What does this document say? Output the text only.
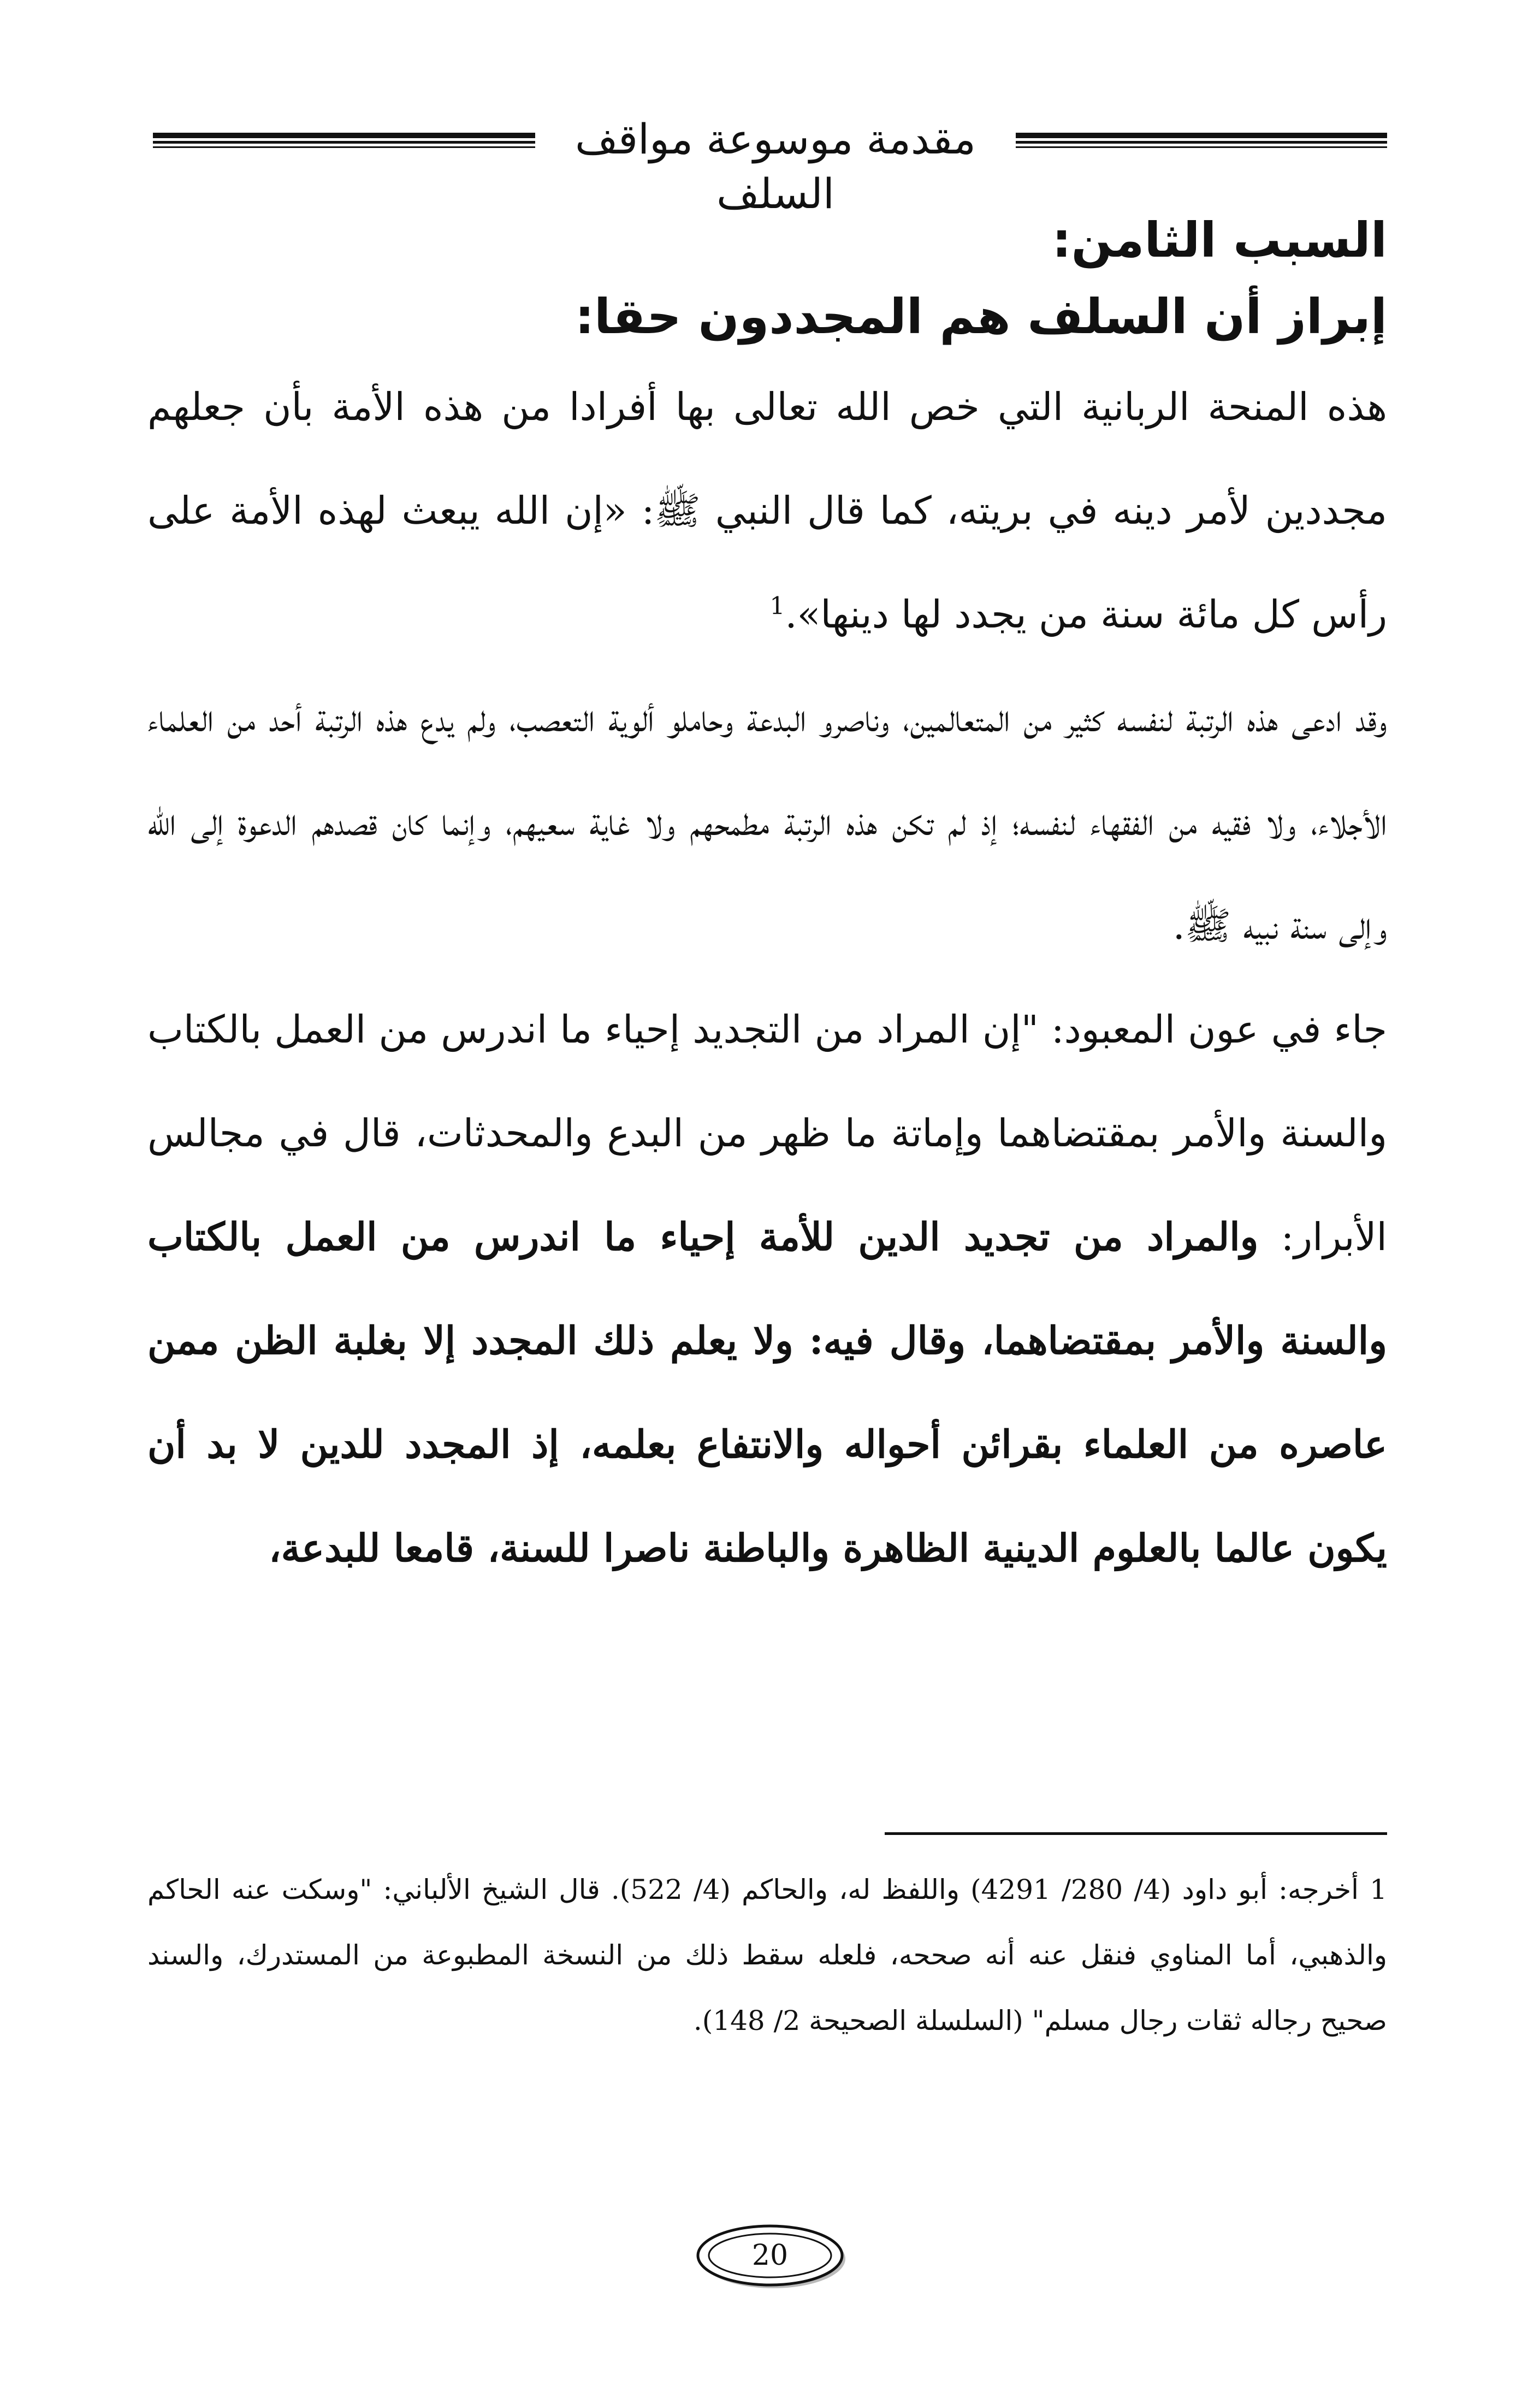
مقدمة موسوعة مواقف السلف
السبب الثامن:
إبراز أن السلف هم المجددون حقا:

هذه المنحة الربانية التي خص الله تعالى بها أفرادا من هذه الأمة بأن جعلهم مجددين لأمر دينه في بريته، كما قال النبي ﷺ: «إن الله يبعث لهذه الأمة على رأس كل مائة سنة من يجدد لها دينها».$^1$

وقد ادعى هذه الرتبة لنفسه كثير من المتعالمين، وناصرو البدعة وحاملو ألوية التعصب، ولم يدع هذه الرتبة أحد من العلماء الأجلاء، ولا فقيه من الفقهاء لنفسه؛ إذ لم تكن هذه الرتبة مطمحهم ولا غاية سعيهم، وإنما كان قصدهم الدعوة إلى الله وإلى سنة نبيه ﷺ.

جاء في عون المعبود: "إن المراد من التجديد إحياء ما اندرس من العمل بالكتاب والسنة والأمر بمقتضاهما وإماتة ما ظهر من البدع والمحدثات، قال في مجالس الأبرار: والمراد من تجديد الدين للأمة إحياء ما اندرس من العمل بالكتاب والسنة والأمر بمقتضاهما، وقال فيه: ولا يعلم ذلك المجدد إلا بغلبة الظن ممن عاصره من العلماء بقرائن أحواله والانتفاع بعلمه، إذ المجدد للدين لا بد أن يكون عالما بالعلوم الدينية الظاهرة والباطنة ناصرا للسنة، قامعا للبدعة،

1 أخرجه: أبو داود (4/ 280/ 4291) واللفظ له، والحاكم (4/ 522). قال الشيخ الألباني: "وسكت عنه الحاكم والذهبي، أما المناوي فنقل عنه أنه صححه، فلعله سقط ذلك من النسخة المطبوعة من المستدرك، والسند صحيح رجاله ثقات رجال مسلم" (السلسلة الصحيحة 2/ 148).
20
